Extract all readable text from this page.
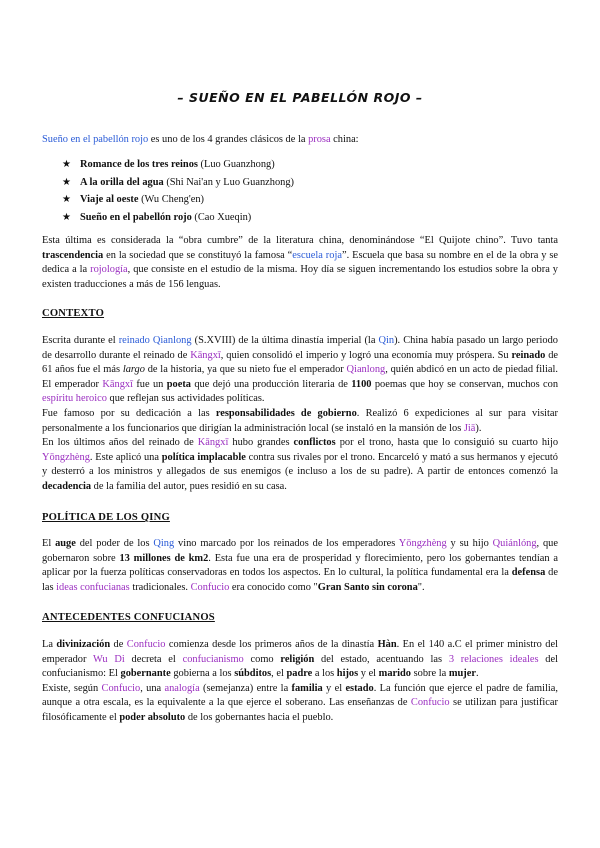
– SUEÑO EN EL PABELLÓN ROJO –

Sueño en el pabellón rojo es uno de los 4 grandes clásicos de la prosa china:

★ Romance de los tres reinos (Luo Guanzhong)
★ A la orilla del agua (Shi Nai'an y Luo Guanzhong)
★ Viaje al oeste (Wu Cheng'en)
★ Sueño en el pabellón rojo (Cao Xueqin)

Esta última es considerada la “obra cumbre” de la literatura china, denominándose “El Quijote chino”. Tuvo tanta trascendencia en la sociedad que se constituyó la famosa “escuela roja”. Escuela que basa su nombre en el de la obra y se dedica a la rojología, que consiste en el estudio de la misma. Hoy día se siguen incrementando los estudios sobre la obra y existen traducciones a más de 156 lenguas.

CONTEXTO

Escrita durante el reinado Qianlong (S.XVIII) de la última dinastía imperial (la Qin). China había pasado un largo periodo de desarrollo durante el reinado de Kāngxī, quien consolidó el imperio y logró una economía muy próspera. Su reinado de 61 años fue el más largo de la historia, ya que su nieto fue el emperador Qianlong, quién abdicó en un acto de piedad filial. El emperador Kāngxī fue un poeta que dejó una producción literaria de 1100 poemas que hoy se conservan, muchos con espíritu heroico que reflejan sus actividades políticas.
Fue famoso por su dedicación a las responsabilidades de gobierno. Realizó 6 expediciones al sur para visitar personalmente a los funcionarios que dirigían la administración local (se instaló en la mansión de los Jiā).

En los últimos años del reinado de Kāngxī hubo grandes conflictos por el trono, hasta que lo consiguió su cuarto hijo Yōngzhèng. Este aplicó una política implacable contra sus rivales por el trono. Encarceló y mató a sus hermanos y ejecutó y desterró a los ministros y allegados de sus enemigos (e incluso a los de su padre). A partir de entonces comenzó la decadencia de la familia del autor, pues residió en su casa.

POLÍTICA DE LOS QING

El auge del poder de los Qing vino marcado por los reinados de los emperadores Yōngzhèng y su hijo Quiánlóng, que gobernaron sobre 13 millones de km2. Esta fue una era de prosperidad y florecimiento, pero los gobernantes tendían a aplicar por la fuerza políticas conservadoras en todos los aspectos. En lo cultural, la política fundamental era la defensa de las ideas confucianas tradicionales. Confucio era conocido como "Gran Santo sin corona".

ANTECEDENTES CONFUCIANOS

La divinización de Confucio comienza desde los primeros años de la dinastía Hàn. En el 140 a.C el primer ministro del emperador Wu Di decreta el confucianismo como religión del estado, acentuando las 3 relaciones ideales del confucianismo: El gobernante gobierna a los súbditos, el padre a los hijos y el marido sobre la mujer.
Existe, según Confucio, una analogía (semejanza) entre la familia y el estado. La función que ejerce el padre de familia, aunque a otra escala, es la equivalente a la que ejerce el soberano. Las enseñanzas de Confucio se utilizan para justificar filosóficamente el poder absoluto de los gobernantes hacia el pueblo.
